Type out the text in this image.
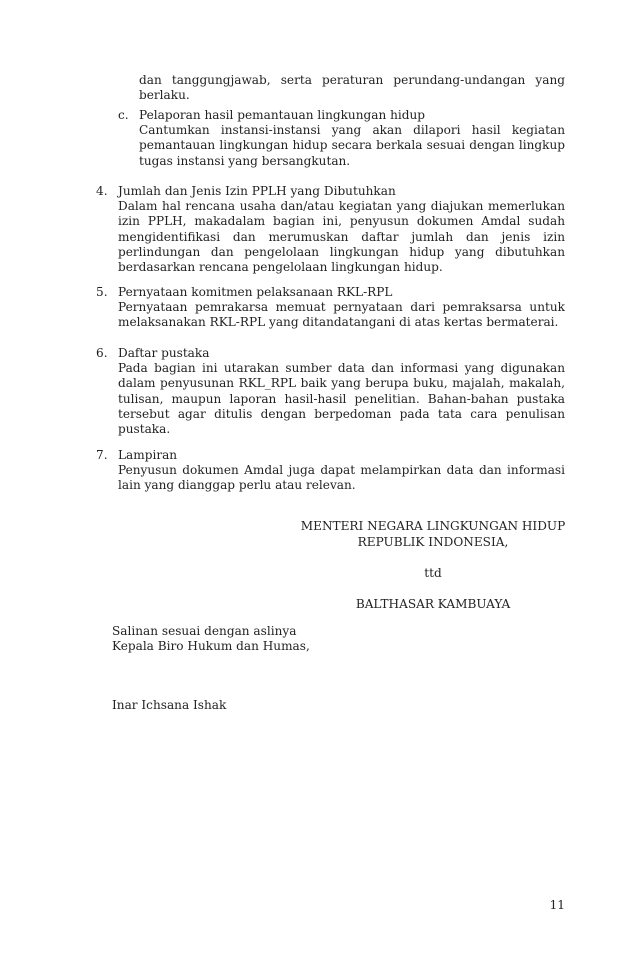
dan tanggungjawab, serta peraturan perundang-undangan yang berlaku.

c. Pelaporan hasil pemantauan lingkungan hidup

Cantumkan instansi-instansi yang akan dilapori hasil kegiatan pemantauan lingkungan hidup secara berkala sesuai dengan lingkup tugas instansi yang bersangkutan.

4. Jumlah dan Jenis Izin PPLH yang Dibutuhkan

Dalam hal rencana usaha dan/atau kegiatan yang diajukan memerlukan izin PPLH, makadalam bagian ini, penyusun dokumen Amdal sudah mengidentifikasi dan merumuskan daftar jumlah dan jenis izin perlindungan dan pengelolaan lingkungan hidup yang dibutuhkan berdasarkan rencana pengelolaan lingkungan hidup.

5. Pernyataan komitmen pelaksanaan RKL-RPL

Pernyataan pemrakarsa memuat pernyataan dari pemraksarsa untuk melaksanakan RKL-RPL yang ditandatangani di atas kertas bermaterai.

6. Daftar pustaka

Pada bagian ini utarakan sumber data dan informasi yang digunakan dalam penyusunan RKL_RPL baik yang berupa buku, majalah, makalah, tulisan, maupun laporan hasil-hasil penelitian. Bahan-bahan pustaka tersebut agar ditulis dengan berpedoman pada tata cara penulisan pustaka.

7. Lampiran

Penyusun dokumen Amdal juga dapat melampirkan data dan informasi lain yang dianggap perlu atau relevan.

MENTERI NEGARA LINGKUNGAN HIDUP
REPUBLIK INDONESIA,
ttd
BALTHASAR KAMBUAYA
Salinan sesuai dengan aslinya
Kepala Biro Hukum dan Humas,
Inar Ichsana Ishak
11
